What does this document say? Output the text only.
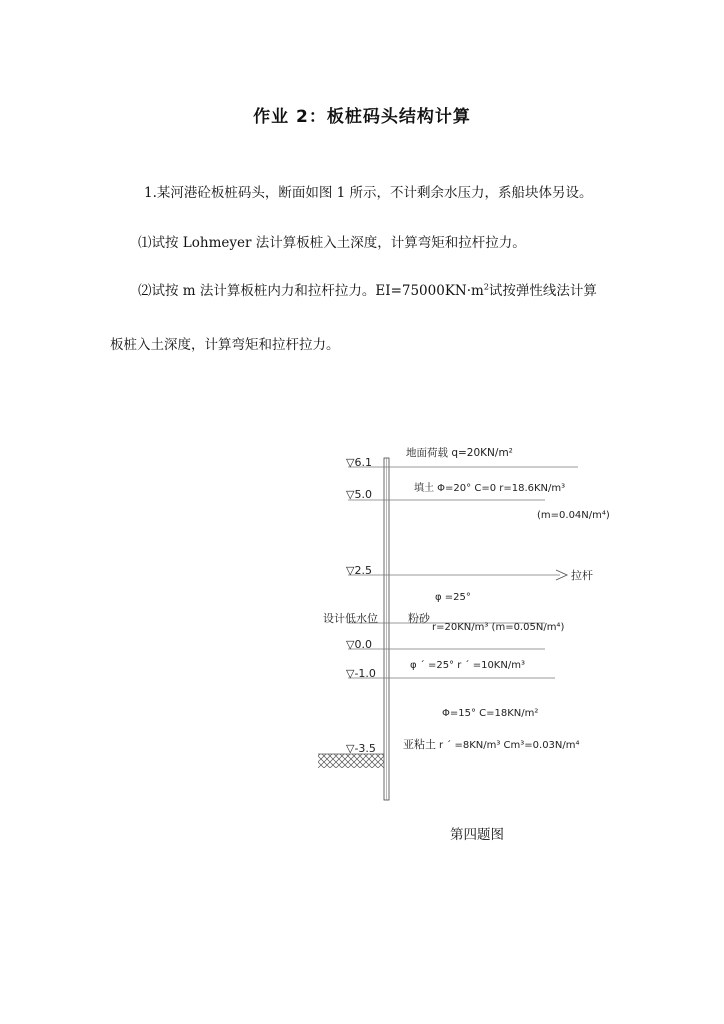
作业 2：板桩码头结构计算
1.某河港砼板桩码头，断面如图 1 所示，不计剩余水压力，系船块体另设。
⑴试按 Lohmeyer 法计算板桩入土深度，计算弯矩和拉杆拉力。
⑵试按 m 法计算板桩内力和拉杆拉力。$EI=75000KN\cdot m^2$试按弹性线法计算
板桩入土深度，计算弯矩和拉杆拉力。
▽6.1
▽5.0
▽2.5
▽0.0
▽-1.0
▽-3.5
地面荷载 q=20KN/m²
填土 Φ=20° C=0 r=18.6KN/m³
(m=0.04N/m⁴)
拉杆
φ =25°
设计低水位	粉砂
r=20KN/m³ (m=0.05N/m⁴)
φ ´ =25° r ´ =10KN/m³
Φ=15° C=18KN/m²
亚粘土 r ´ =8KN/m³ Cm³=0.03N/m⁴
第四题图
